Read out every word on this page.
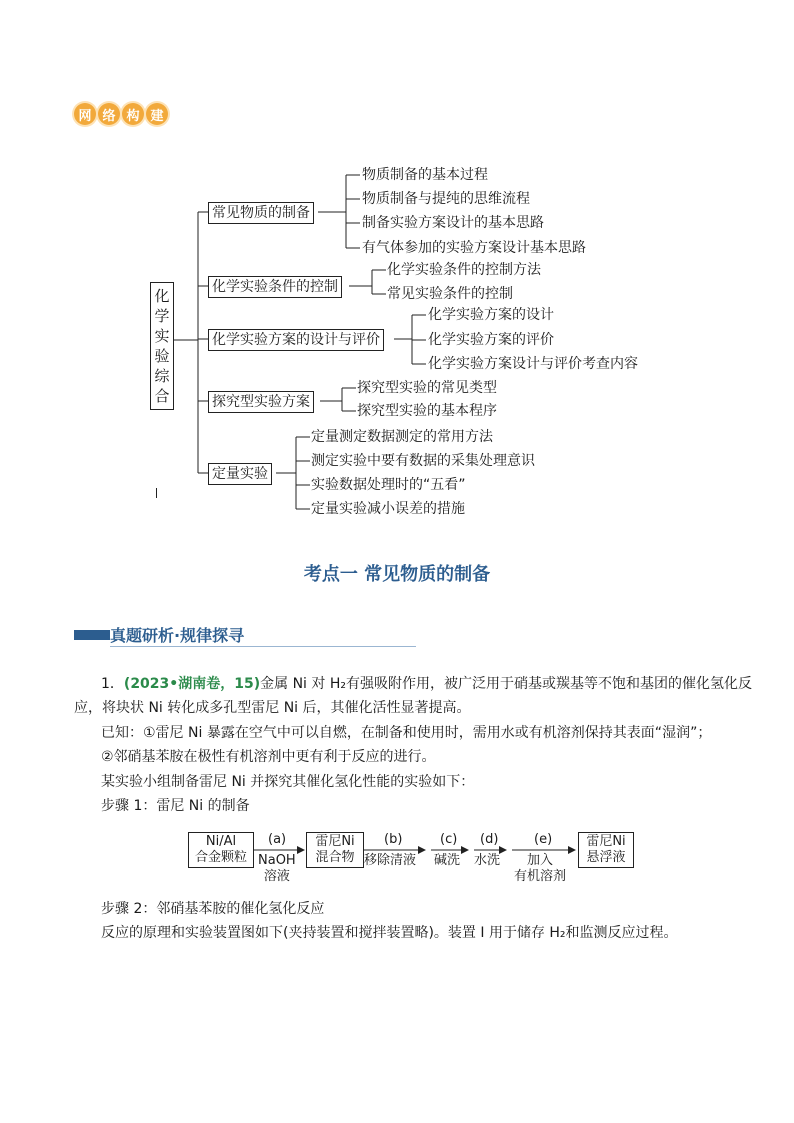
网 络 构 建
化
学
实
验
综
合
常见物质的制备
化学实验条件的控制
化学实验方案的设计与评价
探究型实验方案
定量实验
物质制备的基本过程
物质制备与提纯的思维流程
制备实验方案设计的基本思路
有气体参加的实验方案设计基本思路
化学实验条件的控制方法
常见实验条件的控制
化学实验方案的设计
化学实验方案的评价
化学实验方案设计与评价考查内容
探究型实验的常见类型
探究型实验的基本程序
定量测定数据测定的常用方法
测定实验中要有数据的采集处理意识
实验数据处理时的“五看”
定量实验减小误差的措施
考点一 常见物质的制备
真题研析·规律探寻
1．(2023•湖南卷，15)金属 Ni 对 H₂有强吸附作用，被广泛用于硝基或羰基等不饱和基团的催化氢化反
应，将块状 Ni 转化成多孔型雷尼 Ni 后，其催化活性显著提高。
已知：①雷尼 Ni 暴露在空气中可以自燃，在制备和使用时，需用水或有机溶剂保持其表面“湿润”；
②邻硝基苯胺在极性有机溶剂中更有利于反应的进行。
某实验小组制备雷尼 Ni 并探究其催化氢化性能的实验如下：
步骤 1：雷尼 Ni 的制备
Ni/Al
合金颗粒
雷尼Ni
混合物
雷尼Ni
悬浮液
(a)
NaOH
溶液
(b)
移除清液
(c)
碱洗
(d)
水洗
(e)
加入
有机溶剂
步骤 2：邻硝基苯胺的催化氢化反应
反应的原理和实验装置图如下(夹持装置和搅拌装置略)。装置 I 用于储存 H₂和监测反应过程。
